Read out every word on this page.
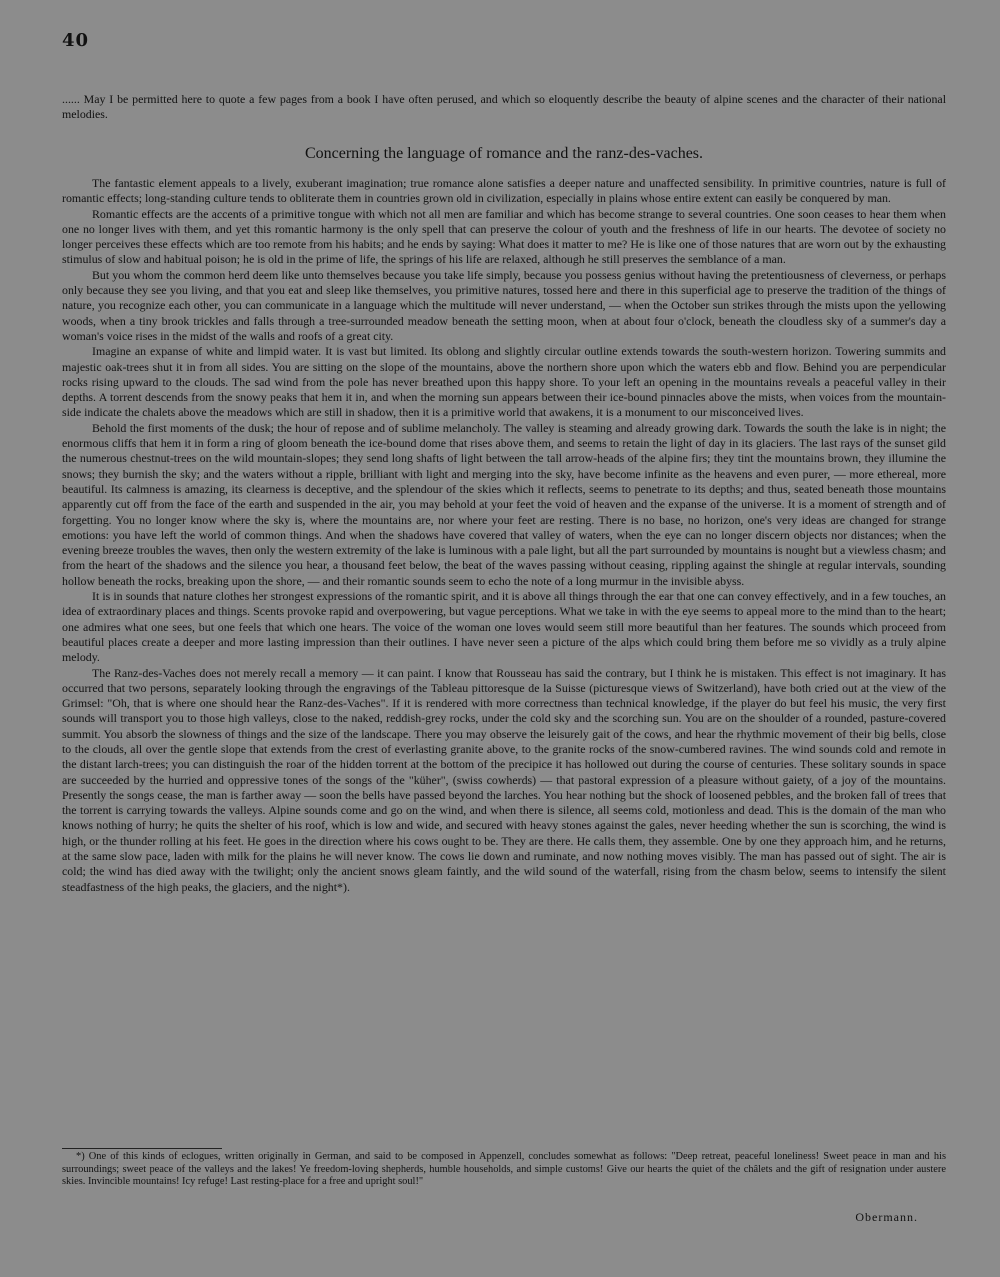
40

...... May I be permitted here to quote a few pages from a book I have often perused, and which so eloquently describe the beauty of alpine scenes and the character of their national melodies.

Concerning the language of romance and the ranz-des-vaches.

The fantastic element appeals to a lively, exuberant imagination; true romance alone satisfies a deeper nature and unaffected sensibility. In primitive countries, nature is full of romantic effects; long-standing culture tends to obliterate them in countries grown old in civilization, especially in plains whose entire extent can easily be conquered by man.

Romantic effects are the accents of a primitive tongue with which not all men are familiar and which has become strange to several countries. One soon ceases to hear them when one no longer lives with them, and yet this romantic harmony is the only spell that can preserve the colour of youth and the freshness of life in our hearts. The devotee of society no longer perceives these effects which are too remote from his habits; and he ends by saying: What does it matter to me? He is like one of those natures that are worn out by the exhausting stimulus of slow and habitual poison; he is old in the prime of life, the springs of his life are relaxed, although he still preserves the semblance of a man.

But you whom the common herd deem like unto themselves because you take life simply, because you possess genius without having the pretentiousness of cleverness, or perhaps only because they see you living, and that you eat and sleep like themselves, you primitive natures, tossed here and there in this superficial age to preserve the tradition of the things of nature, you recognize each other, you can communicate in a language which the multitude will never understand, — when the October sun strikes through the mists upon the yellowing woods, when a tiny brook trickles and falls through a tree-surrounded meadow beneath the setting moon, when at about four o'clock, beneath the cloudless sky of a summer's day a woman's voice rises in the midst of the walls and roofs of a great city.

Imagine an expanse of white and limpid water. It is vast but limited. Its oblong and slightly circular outline extends towards the south-western horizon. Towering summits and majestic oak-trees shut it in from all sides. You are sitting on the slope of the mountains, above the northern shore upon which the waters ebb and flow. Behind you are perpendicular rocks rising upward to the clouds. The sad wind from the pole has never breathed upon this happy shore. To your left an opening in the mountains reveals a peaceful valley in their depths. A torrent descends from the snowy peaks that hem it in, and when the morning sun appears between their ice-bound pinnacles above the mists, when voices from the mountain-side indicate the chalets above the meadows which are still in shadow, then it is a primitive world that awakens, it is a monument to our misconceived lives.

Behold the first moments of the dusk; the hour of repose and of sublime melancholy. The valley is steaming and already growing dark. Towards the south the lake is in night; the enormous cliffs that hem it in form a ring of gloom beneath the ice-bound dome that rises above them, and seems to retain the light of day in its glaciers. The last rays of the sunset gild the numerous chestnut-trees on the wild mountain-slopes; they send long shafts of light between the tall arrow-heads of the alpine firs; they tint the mountains brown, they illumine the snows; they burnish the sky; and the waters without a ripple, brilliant with light and merging into the sky, have become infinite as the heavens and even purer, — more ethereal, more beautiful. Its calmness is amazing, its clearness is deceptive, and the splendour of the skies which it reflects, seems to penetrate to its depths; and thus, seated beneath those mountains apparently cut off from the face of the earth and suspended in the air, you may behold at your feet the void of heaven and the expanse of the universe. It is a moment of strength and of forgetting. You no longer know where the sky is, where the mountains are, nor where your feet are resting. There is no base, no horizon, one's very ideas are changed for strange emotions: you have left the world of common things. And when the shadows have covered that valley of waters, when the eye can no longer discern objects nor distances; when the evening breeze troubles the waves, then only the western extremity of the lake is luminous with a pale light, but all the part surrounded by mountains is nought but a viewless chasm; and from the heart of the shadows and the silence you hear, a thousand feet below, the beat of the waves passing without ceasing, rippling against the shingle at regular intervals, sounding hollow beneath the rocks, breaking upon the shore, — and their romantic sounds seem to echo the note of a long murmur in the invisible abyss.

It is in sounds that nature clothes her strongest expressions of the romantic spirit, and it is above all things through the ear that one can convey effectively, and in a few touches, an idea of extraordinary places and things. Scents provoke rapid and overpowering, but vague perceptions. What we take in with the eye seems to appeal more to the mind than to the heart; one admires what one sees, but one feels that which one hears. The voice of the woman one loves would seem still more beautiful than her features. The sounds which proceed from beautiful places create a deeper and more lasting impression than their outlines. I have never seen a picture of the alps which could bring them before me so vividly as a truly alpine melody.

The Ranz-des-Vaches does not merely recall a memory — it can paint. I know that Rousseau has said the contrary, but I think he is mistaken. This effect is not imaginary. It has occurred that two persons, separately looking through the engravings of the Tableau pittoresque de la Suisse (picturesque views of Switzerland), have both cried out at the view of the Grimsel: "Oh, that is where one should hear the Ranz-des-Vaches". If it is rendered with more correctness than technical knowledge, if the player do but feel his music, the very first sounds will transport you to those high valleys, close to the naked, reddish-grey rocks, under the cold sky and the scorching sun. You are on the shoulder of a rounded, pasture-covered summit. You absorb the slowness of things and the size of the landscape. There you may observe the leisurely gait of the cows, and hear the rhythmic movement of their big bells, close to the clouds, all over the gentle slope that extends from the crest of everlasting granite above, to the granite rocks of the snow-cumbered ravines. The wind sounds cold and remote in the distant larch-trees; you can distinguish the roar of the hidden torrent at the bottom of the precipice it has hollowed out during the course of centuries. These solitary sounds in space are succeeded by the hurried and oppressive tones of the songs of the "küher", (swiss cowherds) — that pastoral expression of a pleasure without gaiety, of a joy of the mountains. Presently the songs cease, the man is farther away — soon the bells have passed beyond the larches. You hear nothing but the shock of loosened pebbles, and the broken fall of trees that the torrent is carrying towards the valleys. Alpine sounds come and go on the wind, and when there is silence, all seems cold, motionless and dead. This is the domain of the man who knows nothing of hurry; he quits the shelter of his roof, which is low and wide, and secured with heavy stones against the gales, never heeding whether the sun is scorching, the wind is high, or the thunder rolling at his feet. He goes in the direction where his cows ought to be. They are there. He calls them, they assemble. One by one they approach him, and he returns, at the same slow pace, laden with milk for the plains he will never know. The cows lie down and ruminate, and now nothing moves visibly. The man has passed out of sight. The air is cold; the wind has died away with the twilight; only the ancient snows gleam faintly, and the wild sound of the waterfall, rising from the chasm below, seems to intensify the silent steadfastness of the high peaks, the glaciers, and the night*).

*) One of this kinds of eclogues, written originally in German, and said to be composed in Appenzell, concludes somewhat as follows: "Deep retreat, peaceful loneliness! Sweet peace in man and his surroundings; sweet peace of the valleys and the lakes! Ye freedom-loving shepherds, humble households, and simple customs! Give our hearts the quiet of the châlets and the gift of resignation under austere skies. Invincible mountains! Icy refuge! Last resting-place for a free and upright soul!"

Obermann.
